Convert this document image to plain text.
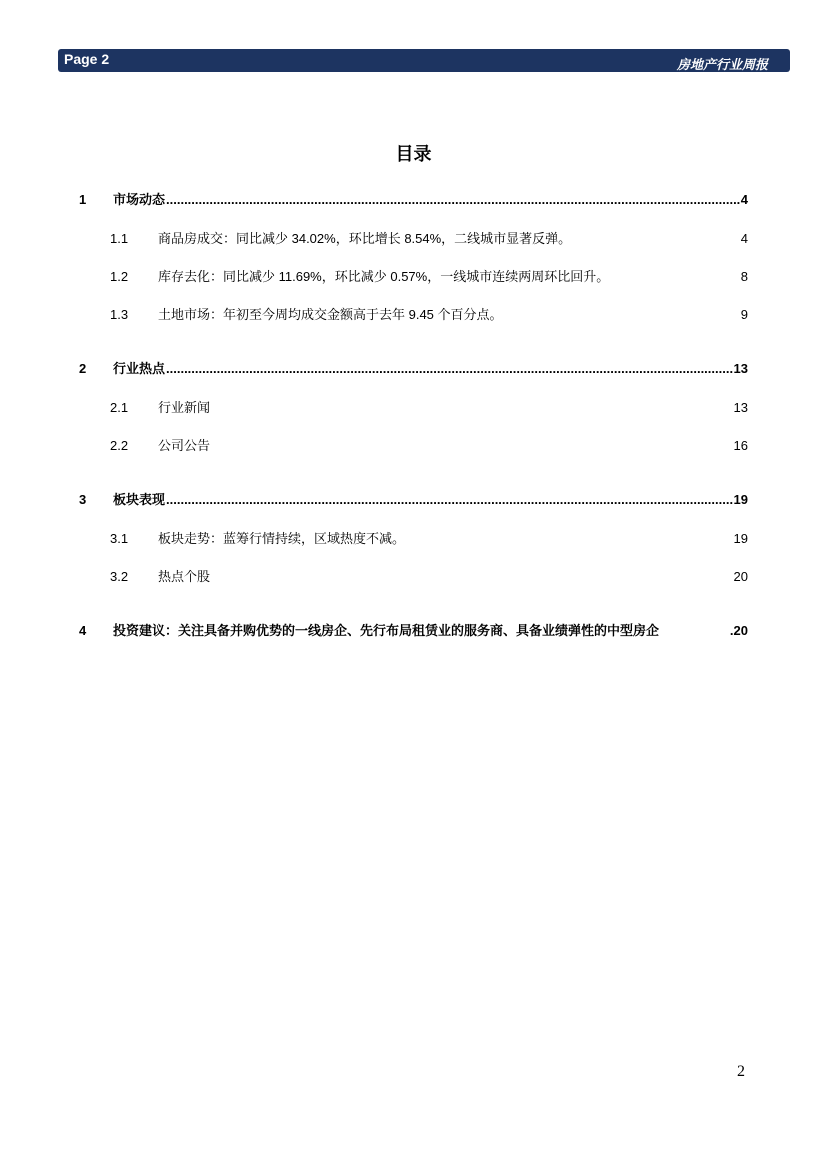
Page 2	房地产行业周报
目录
1	市场动态 .....	4
1.1	商品房成交：同比减少 34.02%，环比增长 8.54%，二线城市显著反弹。	4
1.2	库存去化：同比减少 11.69%，环比减少 0.57%，一线城市连续两周环比回升。	8
1.3	土地市场：年初至今周均成交金额高于去年 9.45 个百分点。	9
2	行业热点 .....	13
2.1	行业新闻	13
2.2	公司公告	16
3	板块表现 .....	19
3.1	板块走势：蓝筹行情持续，区域热度不减。	19
3.2	热点个股	20
4	投资建议：关注具备并购优势的一线房企、先行布局租赁业的服务商、具备业绩弹性的中型房企	.20
2
